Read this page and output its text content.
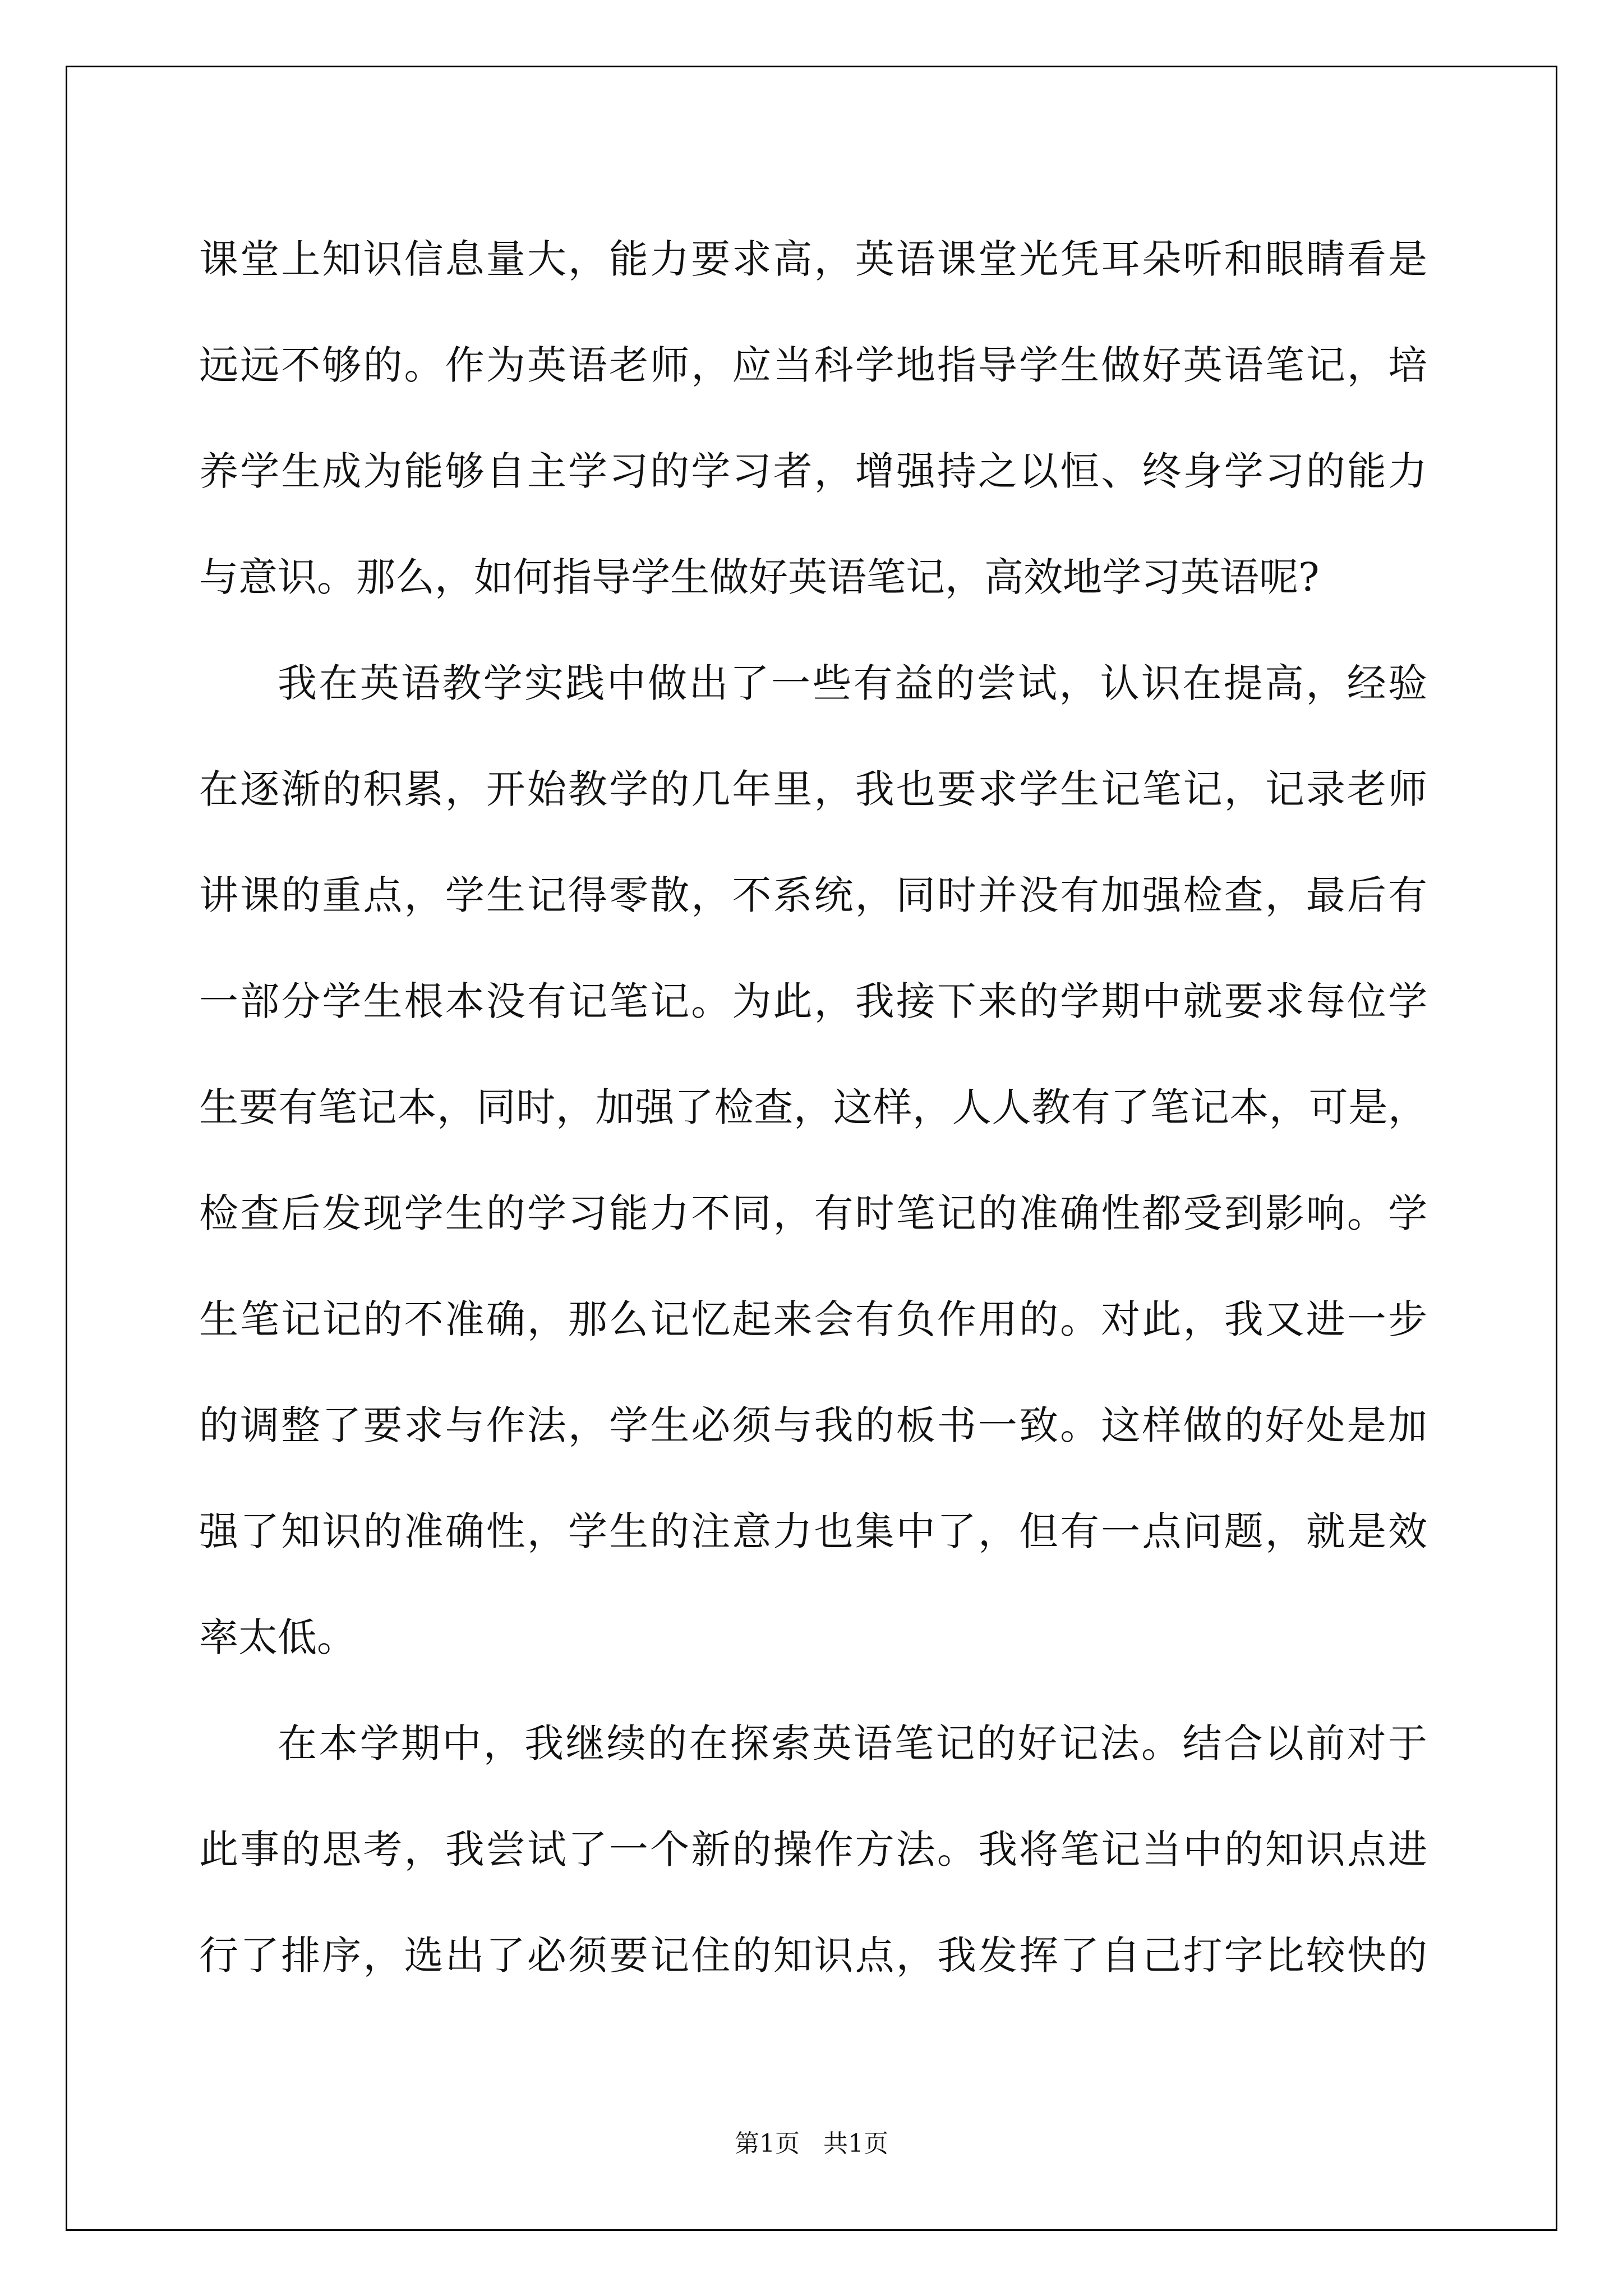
课堂上知识信息量大，能力要求高，英语课堂光凭耳朵听和眼睛看是
远远不够的。作为英语老师，应当科学地指导学生做好英语笔记，培
养学生成为能够自主学习的学习者，增强持之以恒、终身学习的能力
与意识。那么，如何指导学生做好英语笔记，高效地学习英语呢?
我在英语教学实践中做出了一些有益的尝试，认识在提高，经验
在逐渐的积累，开始教学的几年里，我也要求学生记笔记，记录老师
讲课的重点，学生记得零散，不系统，同时并没有加强检查，最后有
一部分学生根本没有记笔记。为此，我接下来的学期中就要求每位学
生要有笔记本，同时，加强了检查，这样，人人教有了笔记本，可是，
检查后发现学生的学习能力不同，有时笔记的准确性都受到影响。学
生笔记记的不准确，那么记忆起来会有负作用的。对此，我又进一步
的调整了要求与作法，学生必须与我的板书一致。这样做的好处是加
强了知识的准确性，学生的注意力也集中了，但有一点问题，就是效
率太低。
在本学期中，我继续的在探索英语笔记的好记法。结合以前对于
此事的思考，我尝试了一个新的操作方法。我将笔记当中的知识点进
行了排序，选出了必须要记住的知识点，我发挥了自己打字比较快的
第1页   共1页
